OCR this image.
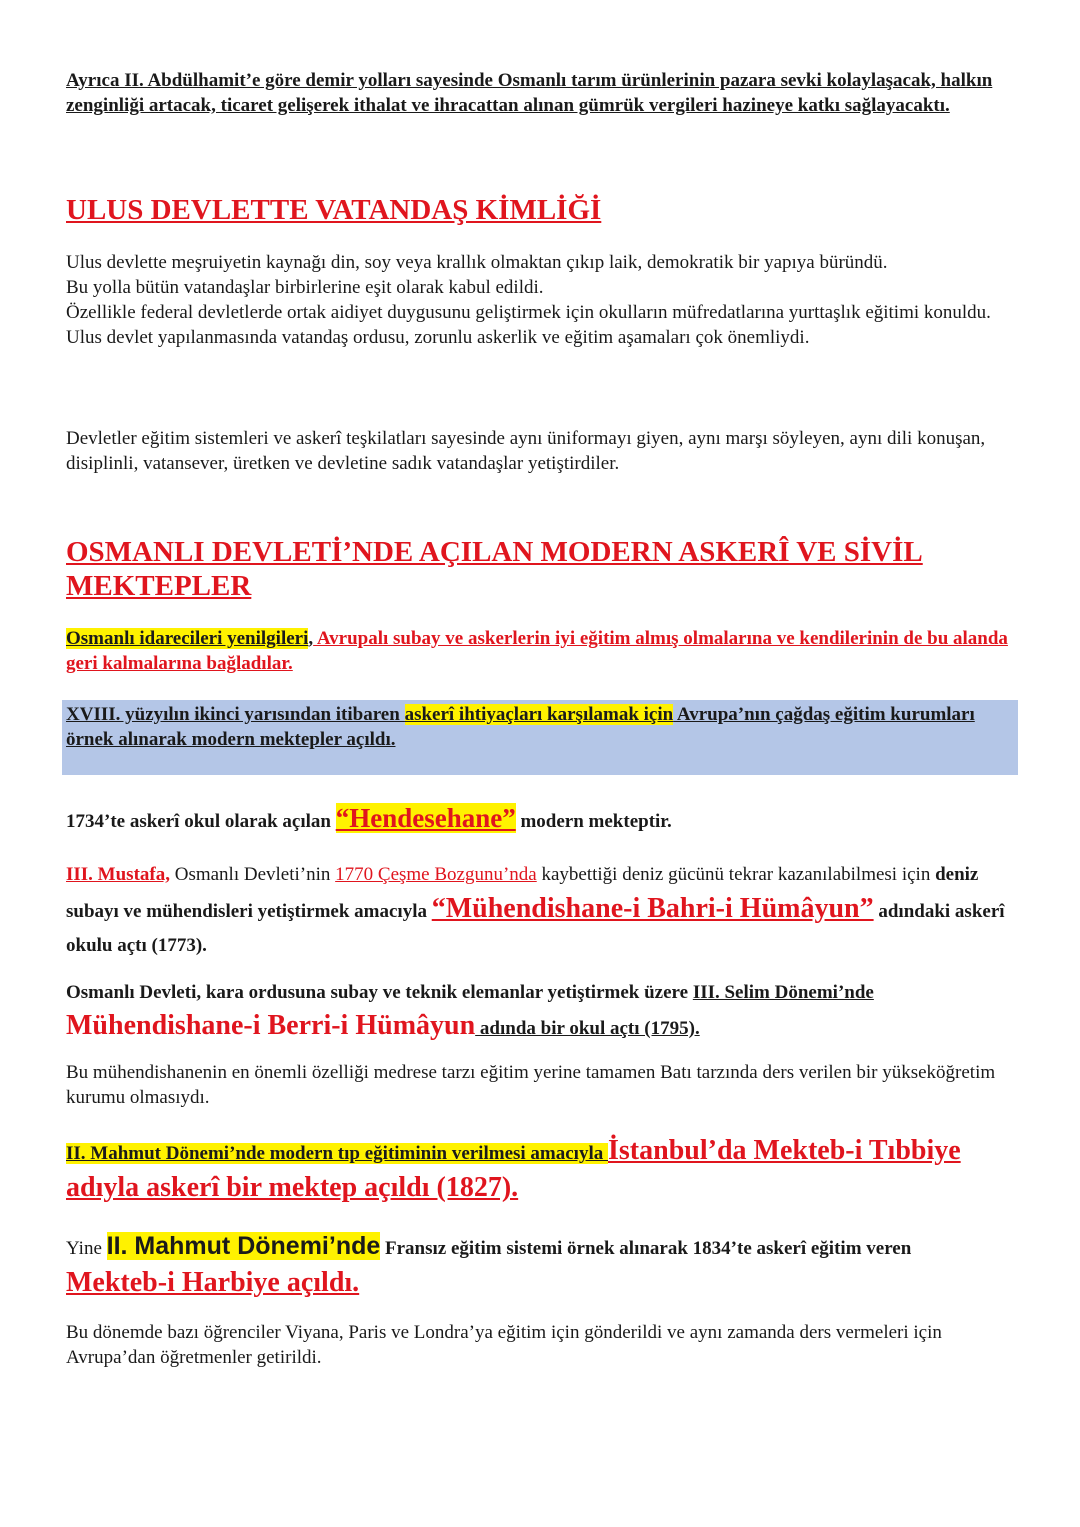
Ayrıca II. Abdülhamit’e göre demir yolları sayesinde Osmanlı tarım ürünlerinin pazara sevki kolaylaşacak, halkın zenginliği artacak, ticaret gelişerek ithalat ve ihracattan alınan gümrük vergileri hazineye katkı sağlayacaktı.
ULUS DEVLETTE VATANDAŞ KİMLİĞİ
Ulus devlette meşruiyetin kaynağı din, soy veya krallık olmaktan çıkıp laik, demokratik bir yapıya büründü.
Bu yolla bütün vatandaşlar birbirlerine eşit olarak kabul edildi.
Özellikle federal devletlerde ortak aidiyet duygusunu geliştirmek için okulların müfredatlarına yurttaşlık eğitimi konuldu.
Ulus devlet yapılanmasında vatandaş ordusu, zorunlu askerlik ve eğitim aşamaları çok önemliydi.
Devletler eğitim sistemleri ve askerî teşkilatları sayesinde aynı üniformayı giyen, aynı marşı söyleyen, aynı dili konuşan, disiplinli, vatansever, üretken ve devletine sadık vatandaşlar yetiştirdiler.
OSMANLI DEVLETİ’NDE AÇILAN MODERN ASKERÎ VE SİVİL MEKTEPLER
Osmanlı idarecileri yenilgileri, Avrupalı subay ve askerlerin iyi eğitim almış olmalarına ve kendilerinin de bu alanda geri kalmalarına bağladılar.
XVIII. yüzyılın ikinci yarısından itibaren askerî ihtiyaçları karşılamak için Avrupa’nın çağdaş eğitim kurumları örnek alınarak modern mektepler açıldı.
1734’te askerî okul olarak açılan “Hendesehane” modern mekteptir.
III. Mustafa, Osmanlı Devleti’nin 1770 Çeşme Bozgunu’nda kaybettiği deniz gücünü tekrar kazanılabilmesi için deniz subayı ve mühendisleri yetiştirmek amacıyla “Mühendishane-i Bahri-i Hümâyun” adındaki askerî okulu açtı (1773).
Osmanlı Devleti, kara ordusuna subay ve teknik elemanlar yetiştirmek üzere III. Selim Dönemi’nde
Mühendishane-i Berri-i Hümâyun adında bir okul açtı (1795).
Bu mühendishanenin en önemli özelliği medrese tarzı eğitim yerine tamamen Batı tarzında ders verilen bir yükseköğretim kurumu olmasıydı.
II. Mahmut Dönemi’nde modern tıp eğitiminin verilmesi amacıyla İstanbul’da Mekteb-i Tıbbiye adıyla askerî bir mektep açıldı (1827).
Yine II. Mahmut Dönemi’nde Fransız eğitim sistemi örnek alınarak 1834’te askerî eğitim veren Mekteb-i Harbiye açıldı.
Bu dönemde bazı öğrenciler Viyana, Paris ve Londra’ya eğitim için gönderildi ve aynı zamanda ders vermeleri için Avrupa’dan öğretmenler getirildi.
